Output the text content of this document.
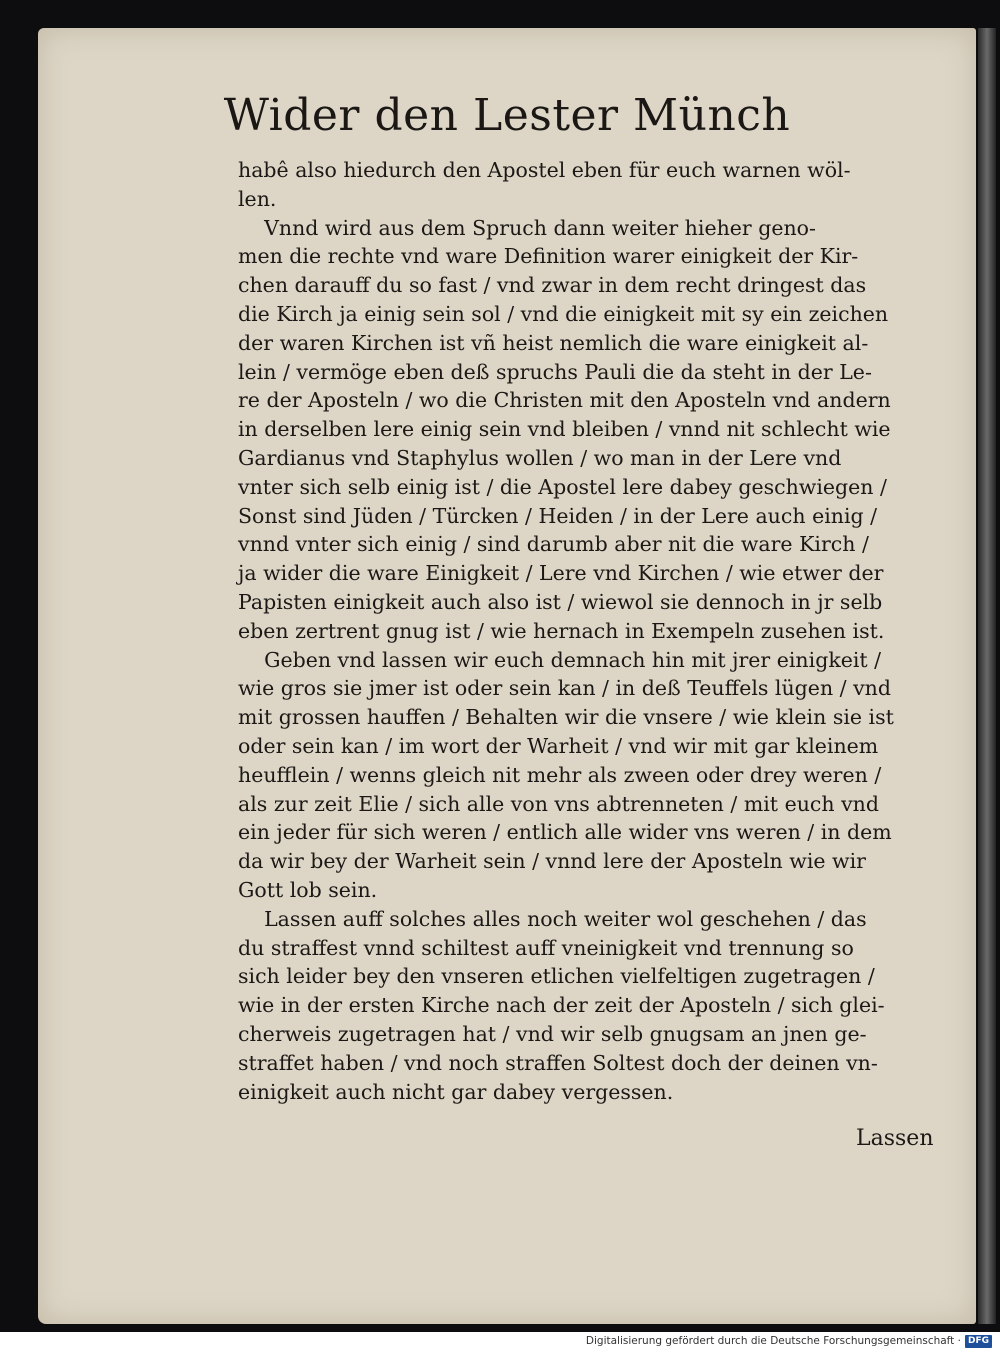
Wider den Lester Münch
habê also hiedurch den Apostel eben für euch warnen wöl-
len.
Vnnd wird aus dem Spruch dann weiter hieher geno-
men die rechte vnd ware Definition warer einigkeit der Kir-
chen darauff du so fast / vnd zwar in dem recht dringest das
die Kirch ja einig sein sol / vnd die einigkeit mit sy ein zeichen
der waren Kirchen ist vñ heist nemlich die ware einigkeit al-
lein / vermöge eben deß spruchs Pauli die da steht in der Le-
re der Aposteln / wo die Christen mit den Aposteln vnd andern
in derselben lere einig sein vnd bleiben / vnnd nit schlecht wie
Gardianus vnd Staphylus wollen / wo man in der Lere vnd
vnter sich selb einig ist / die Apostel lere dabey geschwiegen /
Sonst sind Jüden / Türcken / Heiden / in der Lere auch einig /
vnnd vnter sich einig / sind darumb aber nit die ware Kirch /
ja wider die ware Einigkeit / Lere vnd Kirchen / wie etwer der
Papisten einigkeit auch also ist / wiewol sie dennoch in jr selb
eben zertrent gnug ist / wie hernach in Exempeln zusehen ist.
Geben vnd lassen wir euch demnach hin mit jrer einigkeit /
wie gros sie jmer ist oder sein kan / in deß Teuffels lügen / vnd
mit grossen hauffen / Behalten wir die vnsere / wie klein sie ist
oder sein kan / im wort der Warheit / vnd wir mit gar kleinem
heufflein / wenns gleich nit mehr als zween oder drey weren /
als zur zeit Elie / sich alle von vns abtrenneten / mit euch vnd
ein jeder für sich weren / entlich alle wider vns weren / in dem
da wir bey der Warheit sein / vnnd lere der Aposteln wie wir
Gott lob sein.
Lassen auff solches alles noch weiter wol geschehen / das
du straffest vnnd schiltest auff vneinigkeit vnd trennung so
sich leider bey den vnseren etlichen vielfeltigen zugetragen /
wie in der ersten Kirche nach der zeit der Aposteln / sich glei-
cherweis zugetragen hat / vnd wir selb gnugsam an jnen ge-
straffet haben / vnd noch straffen Soltest doch der deinen vn-
einigkeit auch nicht gar dabey vergessen.
Lassen
Digitalisierung gefördert durch die Deutsche Forschungsgemeinschaft · DFG
